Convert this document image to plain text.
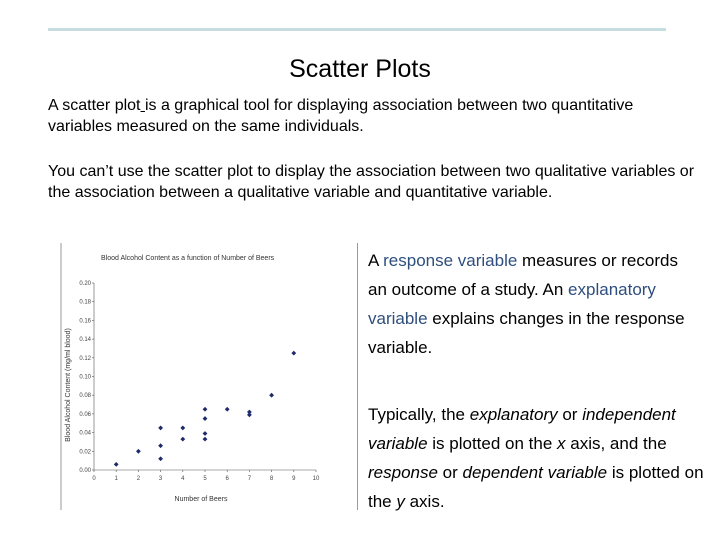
Scatter Plots
A scatter plot is a graphical tool for displaying association between two quantitative variables measured on the same individuals.
You can’t use the scatter plot to display the association between two qualitative variables or the association between a qualitative variable and quantitative variable.
Blood Alcohol Content as a function of Number of Beers
Blood Alcohol Content (mg/ml blood)
Number of Beers
0.00
0.02
0.04
0.06
0.08
0.10
0.12
0.14
0.16
0.18
0.20
0	1	2	3	4	5	6	7	8	9	10
A response variable measures or records an outcome of a study. An explanatory variable explains changes in the response variable.
Typically, the explanatory or independent variable is plotted on the x axis, and the response or dependent variable is plotted on the y axis.
